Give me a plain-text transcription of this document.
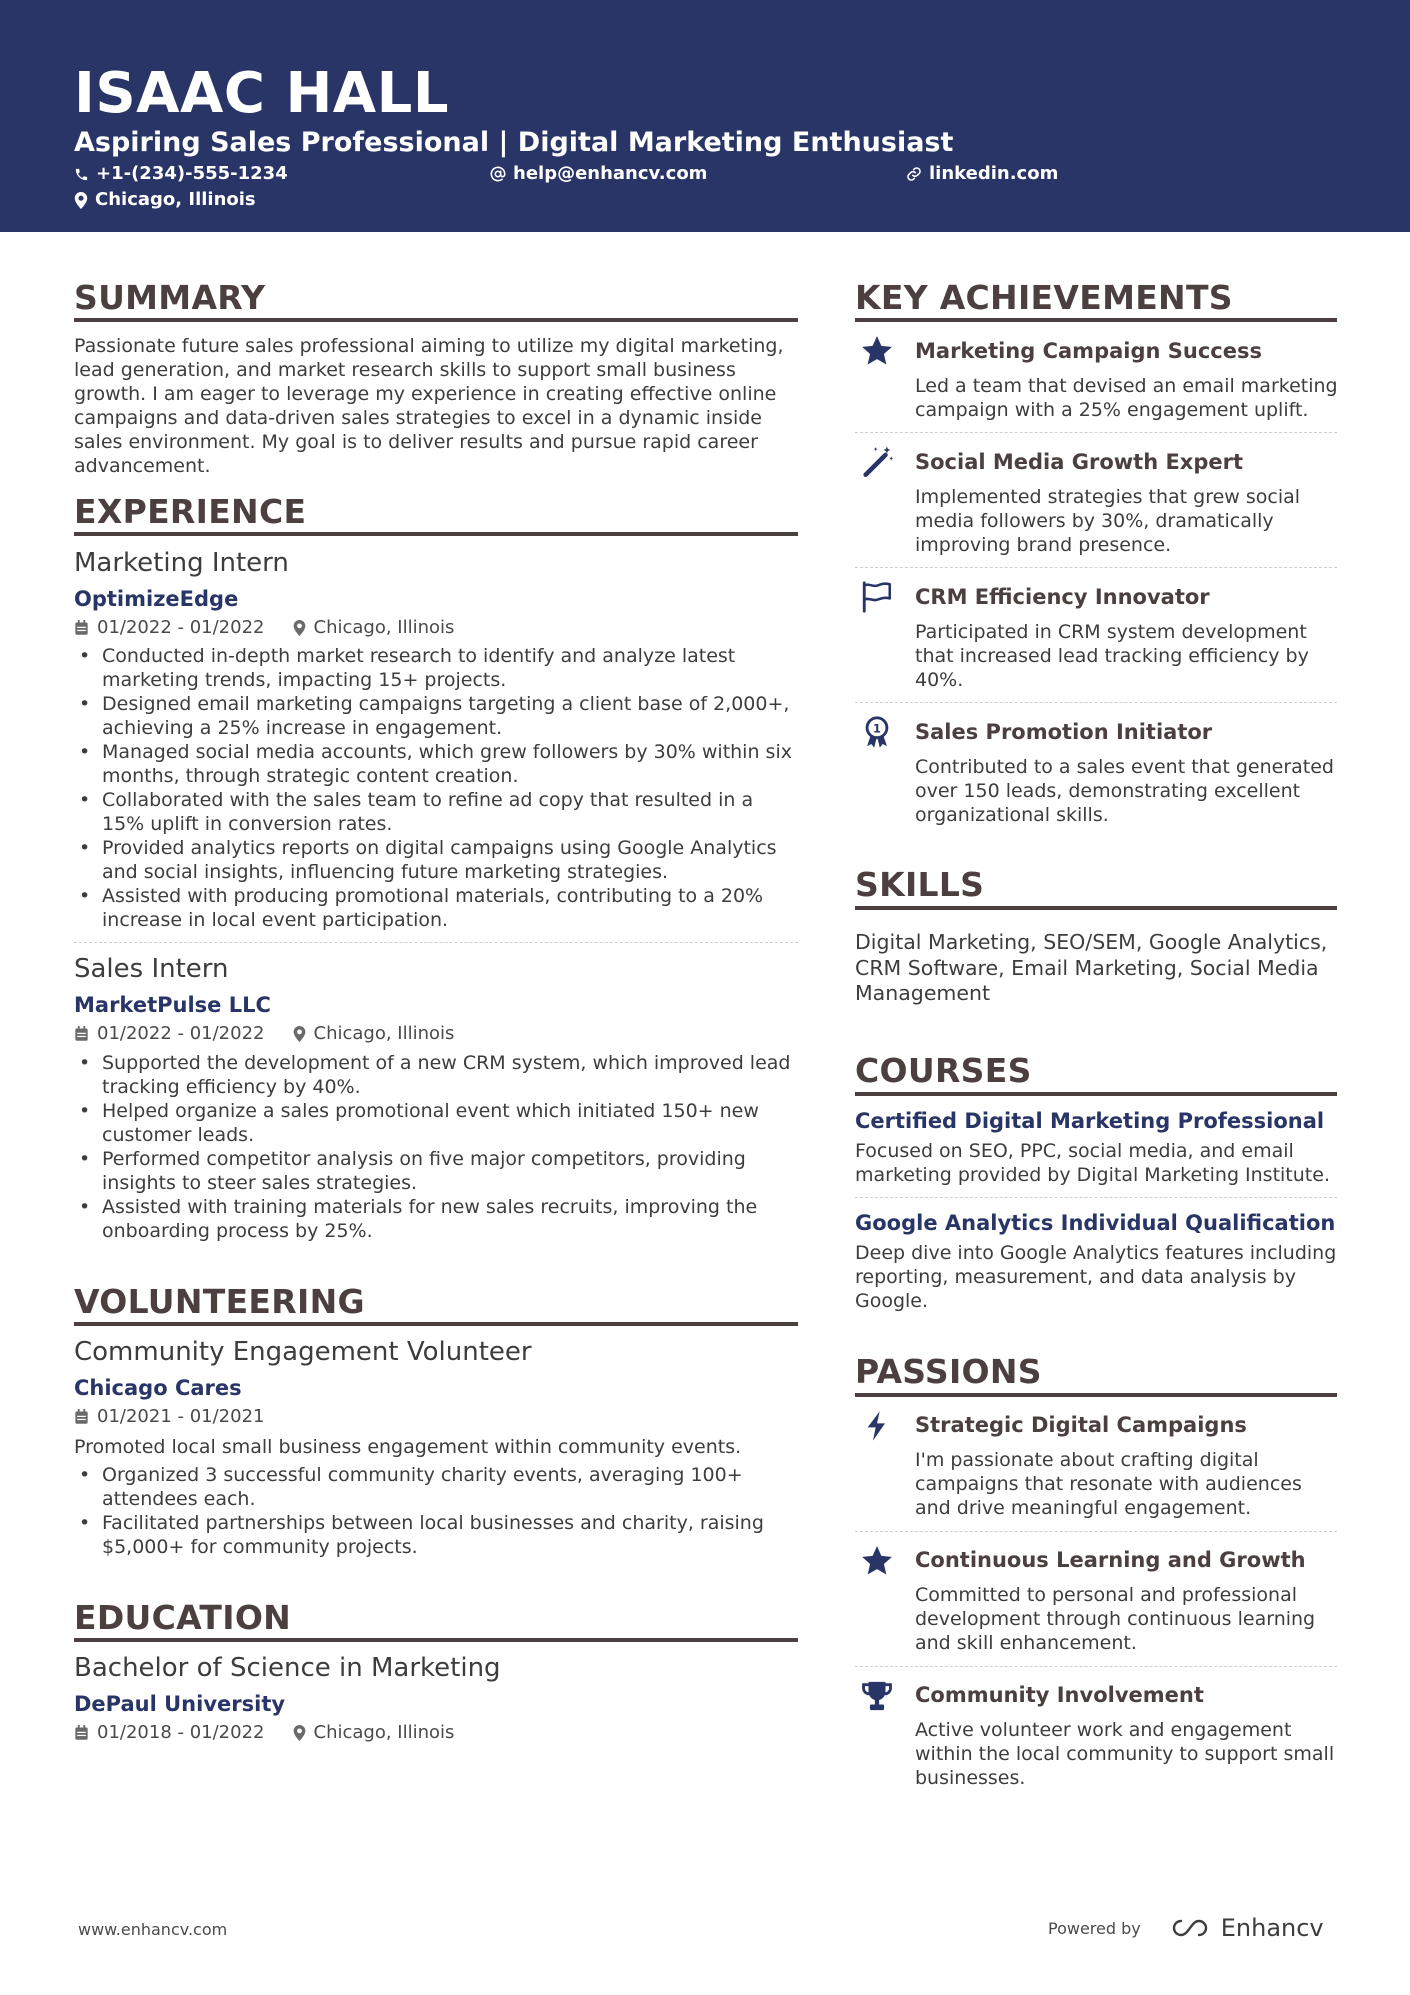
ISAAC HALL
Aspiring Sales Professional | Digital Marketing Enthusiast
+1-(234)-555-1234	help@enhancv.com	linkedin.com
Chicago, Illinois
SUMMARY
Passionate future sales professional aiming to utilize my digital marketing, lead generation, and market research skills to support small business growth. I am eager to leverage my experience in creating effective online campaigns and data-driven sales strategies to excel in a dynamic inside sales environment. My goal is to deliver results and pursue rapid career advancement.
EXPERIENCE
Marketing Intern
OptimizeEdge
01/2022 - 01/2022	Chicago, Illinois
• Conducted in-depth market research to identify and analyze latest marketing trends, impacting 15+ projects.
• Designed email marketing campaigns targeting a client base of 2,000+, achieving a 25% increase in engagement.
• Managed social media accounts, which grew followers by 30% within six months, through strategic content creation.
• Collaborated with the sales team to refine ad copy that resulted in a 15% uplift in conversion rates.
• Provided analytics reports on digital campaigns using Google Analytics and social insights, influencing future marketing strategies.
• Assisted with producing promotional materials, contributing to a 20% increase in local event participation.
Sales Intern
MarketPulse LLC
01/2022 - 01/2022	Chicago, Illinois
• Supported the development of a new CRM system, which improved lead tracking efficiency by 40%.
• Helped organize a sales promotional event which initiated 150+ new customer leads.
• Performed competitor analysis on five major competitors, providing insights to steer sales strategies.
• Assisted with training materials for new sales recruits, improving the onboarding process by 25%.
VOLUNTEERING
Community Engagement Volunteer
Chicago Cares
01/2021 - 01/2021
Promoted local small business engagement within community events.
• Organized 3 successful community charity events, averaging 100+ attendees each.
• Facilitated partnerships between local businesses and charity, raising $5,000+ for community projects.
EDUCATION
Bachelor of Science in Marketing
DePaul University
01/2018 - 01/2022	Chicago, Illinois
KEY ACHIEVEMENTS
Marketing Campaign Success
Led a team that devised an email marketing campaign with a 25% engagement uplift.
Social Media Growth Expert
Implemented strategies that grew social media followers by 30%, dramatically improving brand presence.
CRM Efficiency Innovator
Participated in CRM system development that increased lead tracking efficiency by 40%.
1 Sales Promotion Initiator
Contributed to a sales event that generated over 150 leads, demonstrating excellent organizational skills.
SKILLS
Digital Marketing, SEO/SEM, Google Analytics, CRM Software, Email Marketing, Social Media Management
COURSES
Certified Digital Marketing Professional
Focused on SEO, PPC, social media, and email marketing provided by Digital Marketing Institute.
Google Analytics Individual Qualification
Deep dive into Google Analytics features including reporting, measurement, and data analysis by Google.
PASSIONS
Strategic Digital Campaigns
I'm passionate about crafting digital campaigns that resonate with audiences and drive meaningful engagement.
Continuous Learning and Growth
Committed to personal and professional development through continuous learning and skill enhancement.
Community Involvement
Active volunteer work and engagement within the local community to support small businesses.
www.enhancv.com	Powered by	Enhancv
